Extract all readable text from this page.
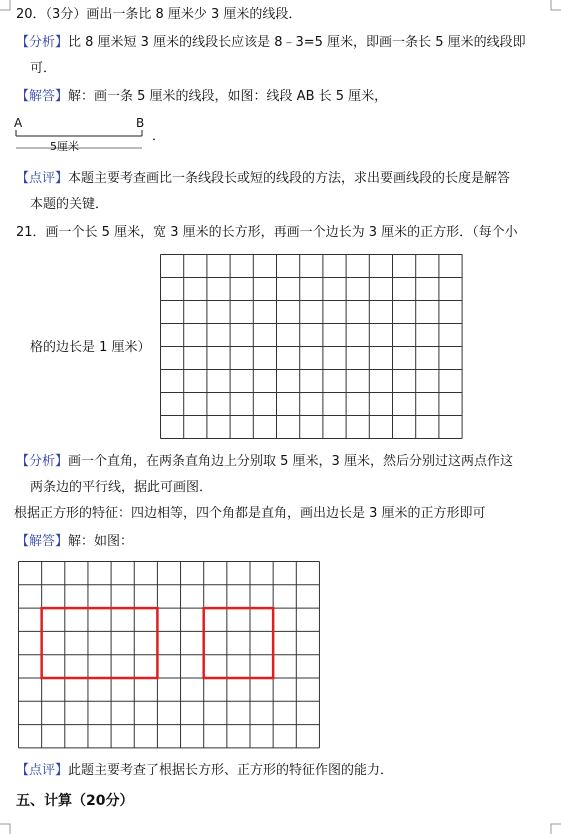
20．（3分）画出一条比 8 厘米少 3 厘米的线段．
【分析】比 8 厘米短 3 厘米的线段长应该是 8﹣3=5 厘米，即画一条长 5 厘米的线段即
可．
【解答】解：画一条 5 厘米的线段，如图：线段 AB 长 5 厘米，
A	B
．
5厘米
【点评】本题主要考查画比一条线段长或短的线段的方法，求出要画线段的长度是解答
本题的关键．
21．画一个长 5 厘米，宽 3 厘米的长方形，再画一个边长为 3 厘米的正方形．（每个小
格的边长是 1 厘米）
【分析】画一个直角，在两条直角边上分别取 5 厘米，3 厘米，然后分别过这两点作这
两条边的平行线，据此可画图．
根据正方形的特征：四边相等，四个角都是直角，画出边长是 3 厘米的正方形即可
【解答】解：如图：
【点评】此题主要考查了根据长方形、正方形的特征作图的能力．
五、计算（20分）
